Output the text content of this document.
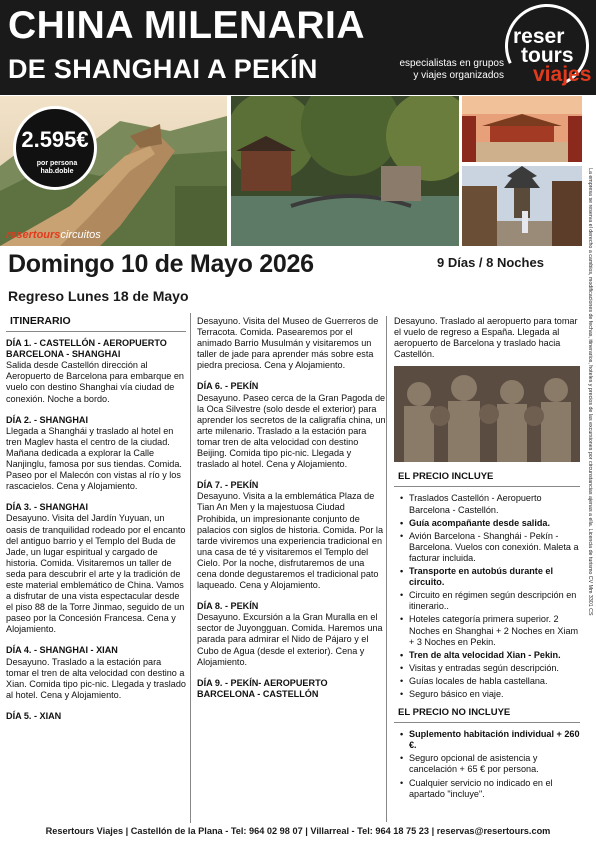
CHINA MILENARIA
DE SHANGHAI A PEKÍN	especialistas en grupos y viajes organizados
reser
tours
viajes
2.595€
por persona hab.doble
resertourscircuitos
Domingo 10 de Mayo 2026	9 Días / 8 Noches
Regreso Lunes 18 de Mayo	La empresa se reserva el derecho a cambios, modificaciones de fechas, itinerarios, hoteles y precios de las excursiones por circunstancias ajenas a ella. Licencia de turismo CV Mm 3301 CS
ITINERARIO
DÍA 1. - CASTELLÓN - AEROPUERTO BARCELONA - SHANGHAI

Salida desde Castellón dirección al Aeropuerto de Barcelona para embarque en vuelo con destino Shanghai vía ciudad de conexión. Noche a bordo.

DÍA 2. - SHANGHAI

Llegada a Shanghái y traslado al hotel en tren Maglev hasta el centro de la ciudad. Mañana dedicada a explorar la Calle Nanjinglu, famosa por sus tiendas. Comida. Paseo por el Malecón con vistas al río y los rascacielos. Cena y Alojamiento.

DÍA 3. - SHANGHAI

Desayuno. Visita del Jardín Yuyuan, un oasis de tranquilidad rodeado por el encanto del antiguo barrio y el Templo del Buda de Jade, un lugar espiritual y cargado de historia. Comida. Visitaremos un taller de seda para descubrir el arte y la tradición de este material emblemático de China. Vamos a disfrutar de una vista espectacular desde el piso 88 de la Torre Jinmao, seguido de un paseo por la Concesión Francesa. Cena y Alojamiento.

DÍA 4. - SHANGHAI - XIAN

Desayuno. Traslado a la estación para tomar el tren de alta velocidad con destino a Xian. Comida tipo pic-nic. Llegada y traslado al hotel. Cena y Alojamiento.

DÍA 5. - XIAN

Desayuno. Visita del Museo de Guerreros de Terracota. Comida. Pasearemos por el animado Barrio Musulmán y visitaremos un taller de jade para aprender más sobre esta piedra preciosa. Cena y Alojamiento.

DÍA 6. - PEKÍN

Desayuno. Paseo cerca de la Gran Pagoda de la Oca Silvestre (solo desde el exterior) para aprender los secretos de la caligrafía china, un arte milenario. Traslado a la estación para tomar tren de alta velocidad con destino Beijing. Comida tipo pic-nic. Llegada y traslado al hotel. Cena y Alojamiento.

DÍA 7. - PEKÍN

Desayuno. Visita a la emblemática Plaza de Tian An Men y la majestuosa Ciudad Prohibida, un impresionante conjunto de palacios con siglos de historia. Comida. Por la tarde viviremos una experiencia tradicional en una casa de té y visitaremos el Templo del Cielo. Por la noche, disfrutaremos de una cena donde degustaremos el tradicional pato laqueado. Cena y Alojamiento.

DÍA 8. - PEKÍN

Desayuno. Excursión a la Gran Muralla en el sector de Juyongguan. Comida. Haremos una parada para admirar el Nido de Pájaro y el Cubo de Agua (desde el exterior). Cena y Alojamiento.

DÍA 9. - PEKÍN- AEROPUERTO BARCELONA - CASTELLÓN

Desayuno. Traslado al aeropuerto para tomar el vuelo de regreso a España. Llegada al aeropuerto de Barcelona y traslado hacia Castellón.

EL PRECIO INCLUYE
• Traslados Castellón - Aeropuerto Barcelona - Castellón.
• Guía acompañante desde salida.
• Avión Barcelona - Shanghái - Pekín - Barcelona. Vuelos con conexión. Maleta a facturar incluida.
• Transporte en autobús durante el circuito.
• Circuito en régimen según descripción en itinerario..
• Hoteles categoría primera superior. 2 Noches en Shanghai + 2 Noches en Xiam + 3 Noches en Pekin.
• Tren de alta velocidad Xian - Pekin.
• Visitas y entradas según descripción.
• Guías locales de habla castellana.
• Seguro básico en viaje.
EL PRECIO NO INCLUYE
• Suplemento habitación individual + 260 €.
• Seguro opcional de asistencia y cancelación + 65 € por persona.
• Cualquier servicio no indicado en el apartado "incluye".
Resertours Viajes | Castellón de la Plana - Tel: 964 02 98 07 | Villarreal - Tel: 964 18 75 23 | reservas@resertours.com
